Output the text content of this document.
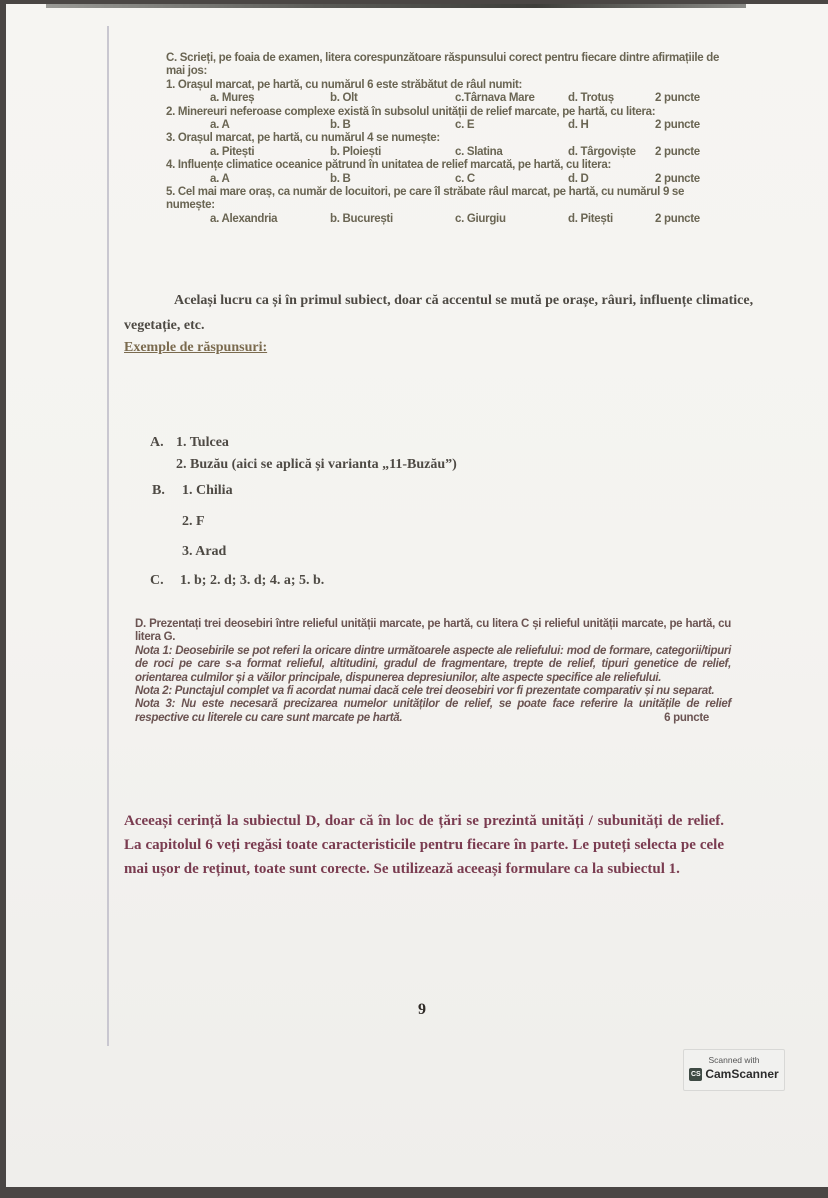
C. Scrieți, pe foaia de examen, litera corespunzătoare răspunsului corect pentru fiecare dintre afirmațiile de mai jos:

1. Orașul marcat, pe hartă, cu numărul 6 este străbătut de râul numit:

a. Mureș	b. Olt	c.Târnava Mare	d. Trotuș	2 puncte

2. Minereuri neferoase complexe există în subsolul unității de relief marcate, pe hartă, cu litera:

a. A	b. B	c. E	d. H	2 puncte

3. Orașul marcat, pe hartă, cu numărul 4 se numește:

a. Pitești	b. Ploiești	c. Slatina	d. Târgoviște 2 puncte

4. Influențe climatice oceanice pătrund în unitatea de relief marcată, pe hartă, cu litera:

a. A	b. B	c. C	d. D	2 puncte

5. Cel mai mare oraș, ca număr de locuitori, pe care îl străbate râul marcat, pe hartă, cu numărul 9 se numește:

a. Alexandria	b. București	c. Giurgiu	d. Pitești	2 puncte
Același lucru ca și în primul subiect, doar că accentul se mută pe orașe, râuri, influențe climatice, vegetație, etc.
Exemple de răspunsuri:
A. 1. Tulcea
2. Buzău (aici se aplică și varianta „11-Buzău”)
B. 1. Chilia
2. F
3. Arad
C. 1. b; 2. d; 3. d; 4. a; 5. b.

D. Prezentați trei deosebiri între relieful unității marcate, pe hartă, cu litera C și relieful unității marcate, pe hartă, cu litera G.

Nota 1: Deosebirile se pot referi la oricare dintre următoarele aspecte ale reliefului: mod de formare, categorii/tipuri de roci pe care s-a format relieful, altitudini, gradul de fragmentare, trepte de relief, tipuri genetice de relief, orientarea culmilor și a văilor principale, dispunerea depresiunilor, alte aspecte specifice ale reliefului.

Nota 2: Punctajul complet va fi acordat numai dacă cele trei deosebiri vor fi prezentate comparativ și nu separat.

Nota 3: Nu este necesară precizarea numelor unităților de relief, se poate face referire la unitățile de relief respective cu literele cu care sunt marcate pe hartă.	6 puncte

Aceeași cerință la subiectul D, doar că în loc de țări se prezintă unități / subunități de relief. La capitolul 6 veți regăsi toate caracteristicile pentru fiecare în parte. Le puteți selecta pe cele mai ușor de reținut, toate sunt corecte. Se utilizează aceeași formulare ca la subiectul 1.
9
Scanned with
CS CamScanner
